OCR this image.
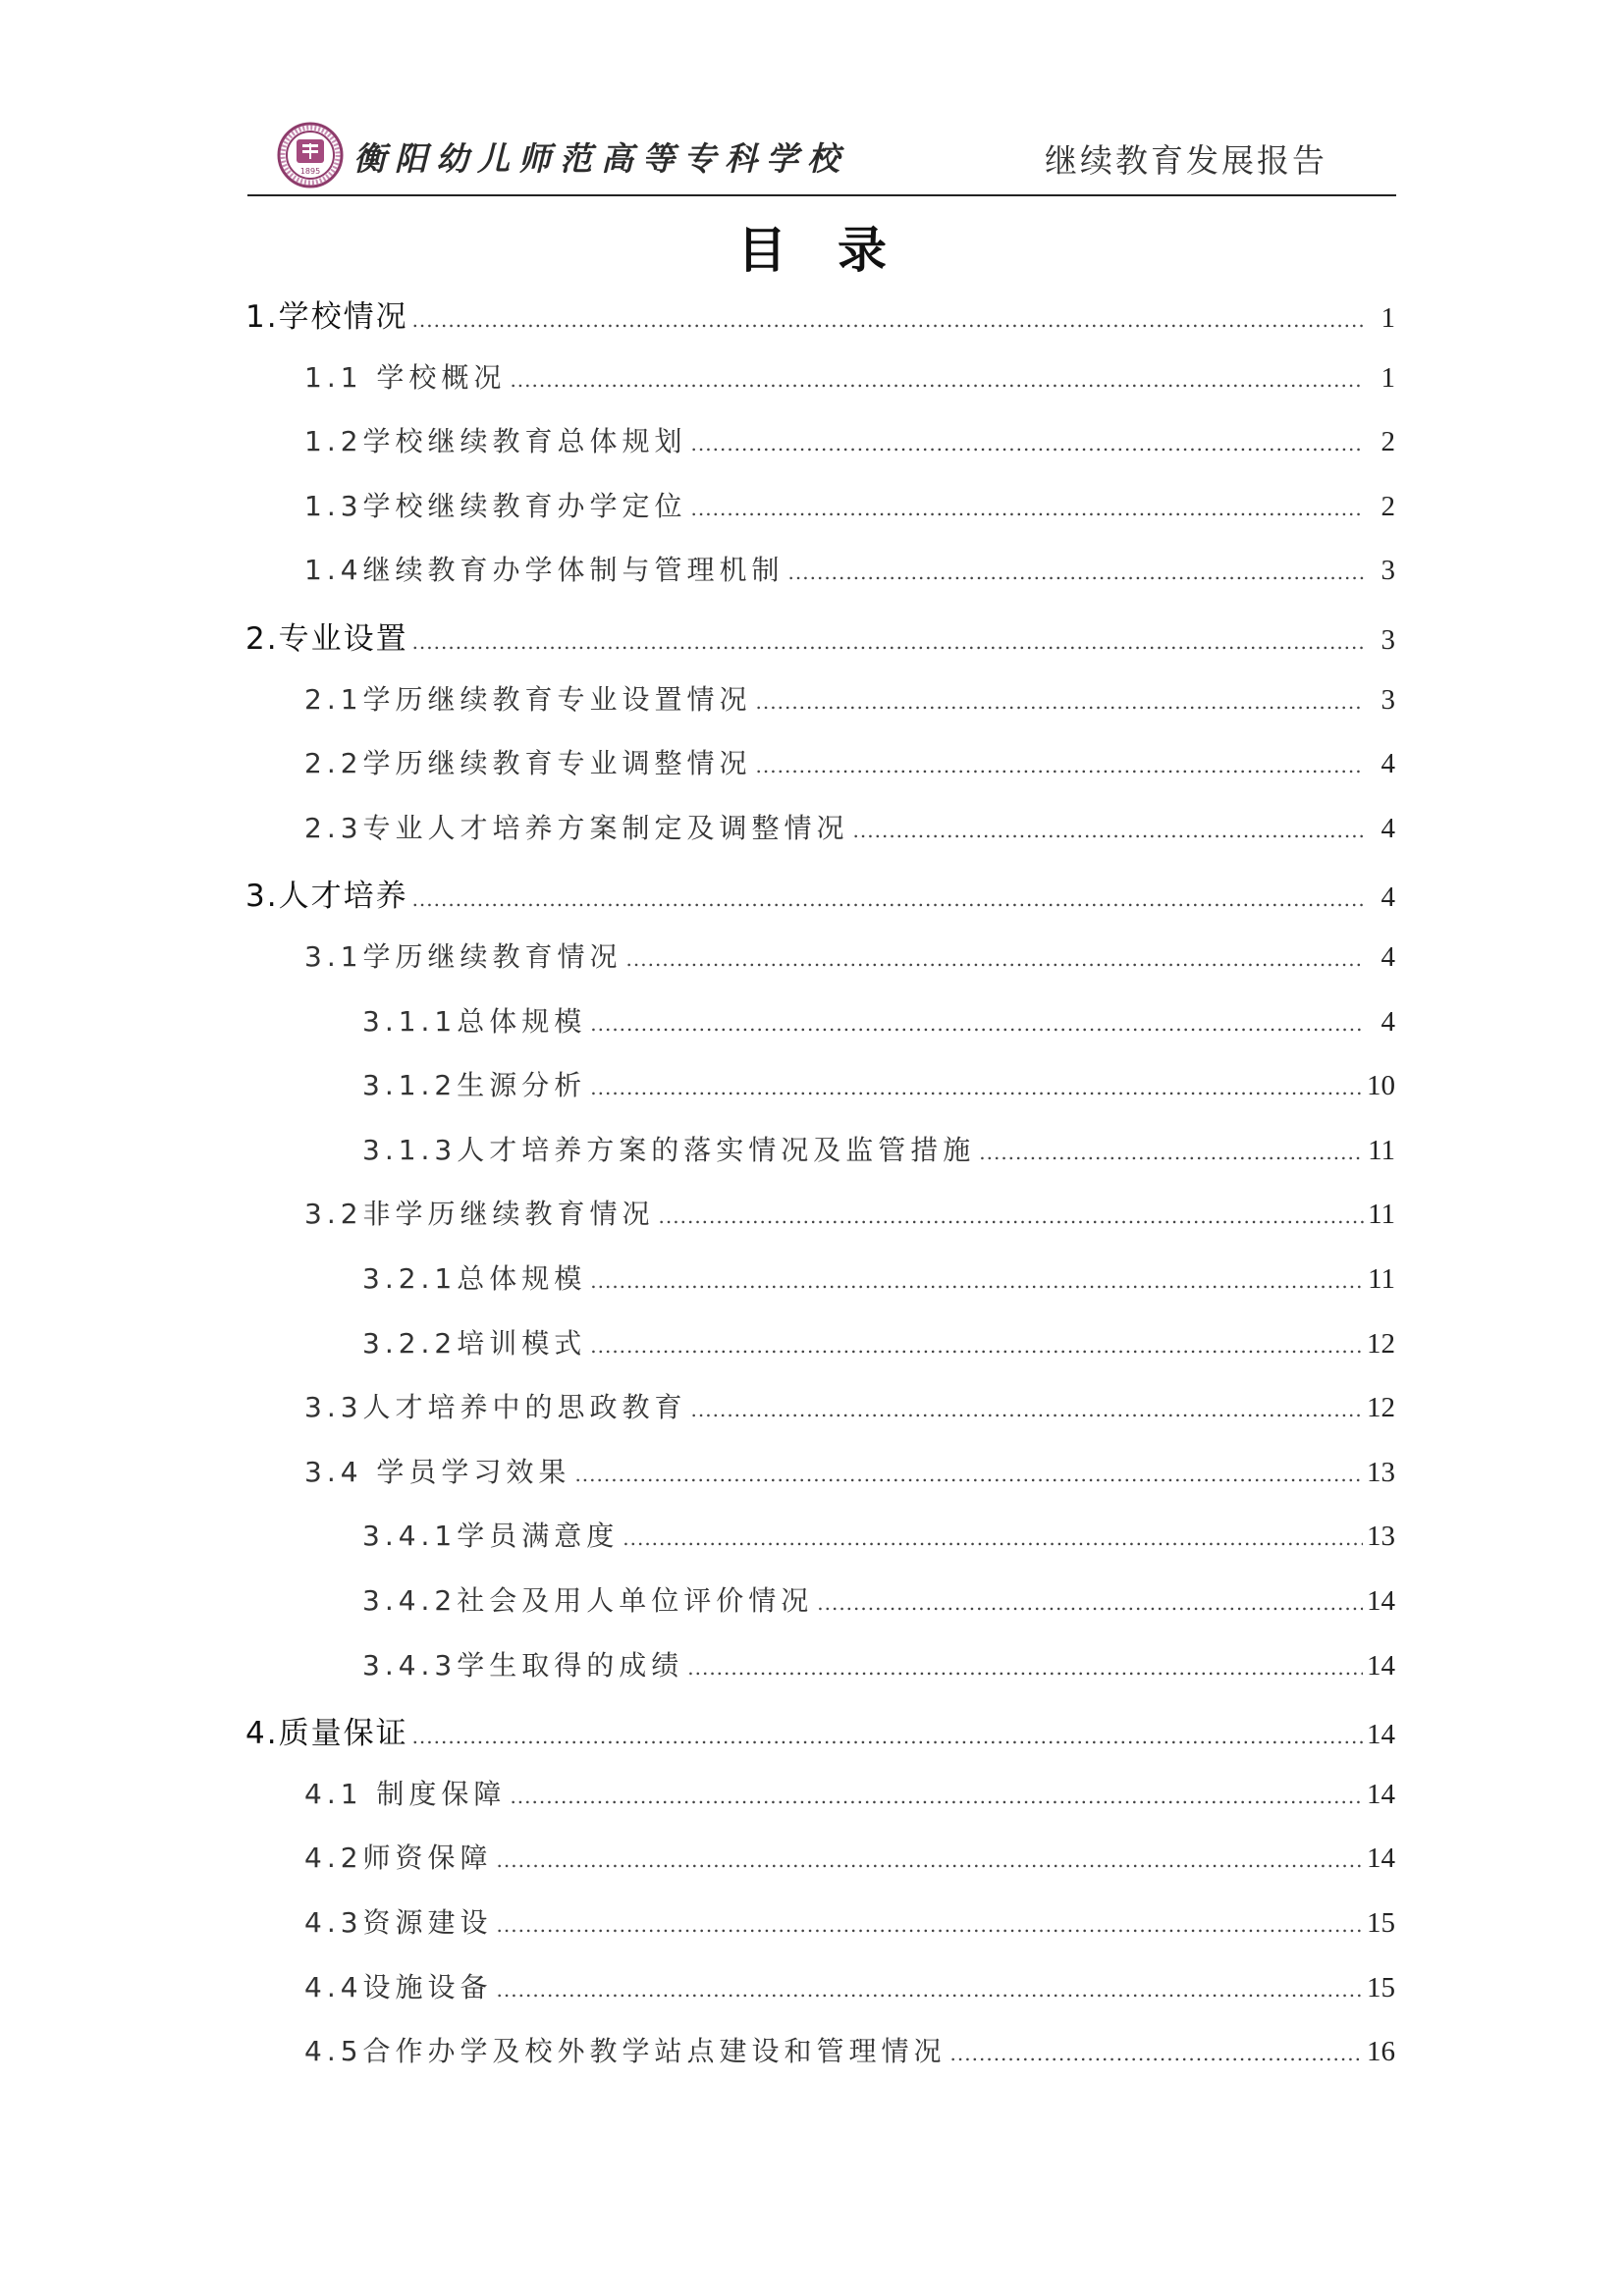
1895 衡阳幼儿师范高等专科学校	继续教育发展报告
目录
1.学校情况 .....	1
1.1 学校概况 .....	1
1.2学校继续教育总体规划 .....	2
1.3学校继续教育办学定位 .....	2
1.4继续教育办学体制与管理机制 .....	3
2.专业设置 .....	3
2.1学历继续教育专业设置情况 .....	3
2.2学历继续教育专业调整情况 .....	4
2.3专业人才培养方案制定及调整情况 .....	4
3.人才培养 .....	4
3.1学历继续教育情况 .....	4
3.1.1总体规模 .....	4
3.1.2生源分析 .....	10
3.1.3人才培养方案的落实情况及监管措施 .....	11
3.2非学历继续教育情况 .....	11
3.2.1总体规模 .....	11
3.2.2培训模式 .....	12
3.3人才培养中的思政教育 .....	12
3.4 学员学习效果 .....	13
3.4.1学员满意度 .....	13
3.4.2社会及用人单位评价情况 .....	14
3.4.3学生取得的成绩 .....	14
4.质量保证 .....	14
4.1 制度保障 .....	14
4.2师资保障 .....	14
4.3资源建设 .....	15
4.4设施设备 .....	15
4.5合作办学及校外教学站点建设和管理情况 .....	16
